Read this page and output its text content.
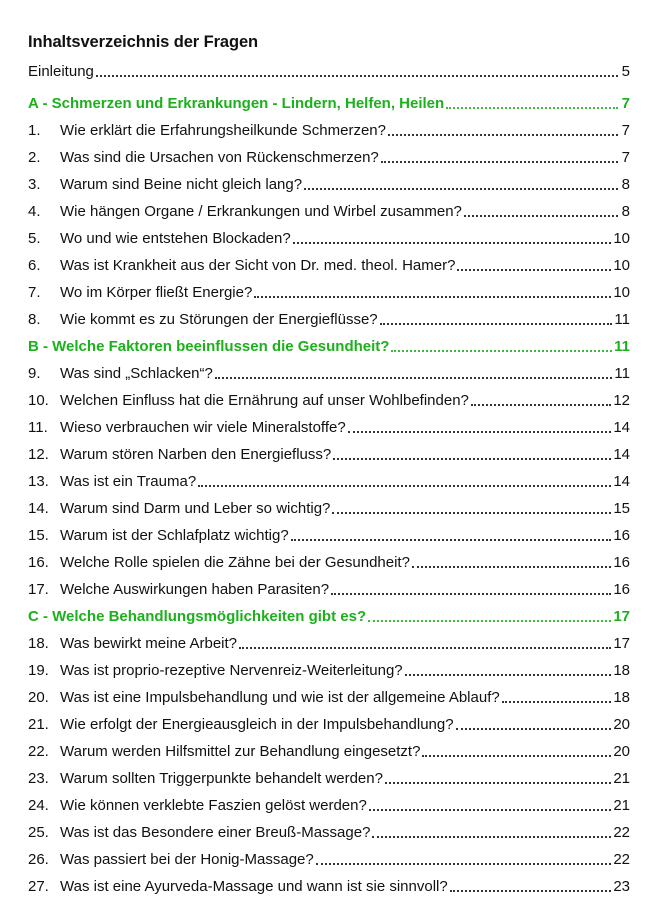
Inhaltsverzeichnis der Fragen
Einleitung	5
A - Schmerzen und Erkrankungen - Lindern, Helfen, Heilen	7
1.	Wie erklärt die Erfahrungsheilkunde Schmerzen?	7
2.	Was sind die Ursachen von Rückenschmerzen?	7
3.	Warum sind Beine nicht gleich lang?	8
4.	Wie hängen Organe / Erkrankungen und Wirbel zusammen?	8
5.	Wo und wie entstehen Blockaden?	10
6.	Was ist Krankheit aus der Sicht von Dr. med. theol. Hamer?	10
7.	Wo im Körper fließt Energie?	10
8.	Wie kommt es zu Störungen der Energieflüsse?	11
B - Welche Faktoren beeinflussen die Gesundheit?	11
9.	Was sind „Schlacken“?	11
10. Welchen Einfluss hat die Ernährung auf unser Wohlbefinden?	12
11. Wieso verbrauchen wir viele Mineralstoffe?	14
12. Warum stören Narben den Energiefluss?	14
13. Was ist ein Trauma?	14
14. Warum sind Darm und Leber so wichtig?	15
15. Warum ist der Schlafplatz wichtig?	16
16. Welche Rolle spielen die Zähne bei der Gesundheit?	16
17. Welche Auswirkungen haben Parasiten?	16
C - Welche Behandlungsmöglichkeiten gibt es?	17
18. Was bewirkt meine Arbeit?	17
19. Was ist proprio-rezeptive Nervenreiz-Weiterleitung?	18
20. Was ist eine Impulsbehandlung und wie ist der allgemeine Ablauf?	18
21. Wie erfolgt der Energieausgleich in der Impulsbehandlung?	20
22. Warum werden Hilfsmittel zur Behandlung eingesetzt?	20
23. Warum sollten Triggerpunkte behandelt werden?	21
24. Wie können verklebte Faszien gelöst werden?	21
25. Was ist das Besondere einer Breuß-Massage?	22
26. Was passiert bei der Honig-Massage?	22
27. Was ist eine Ayurveda-Massage und wann ist sie sinnvoll?	23
